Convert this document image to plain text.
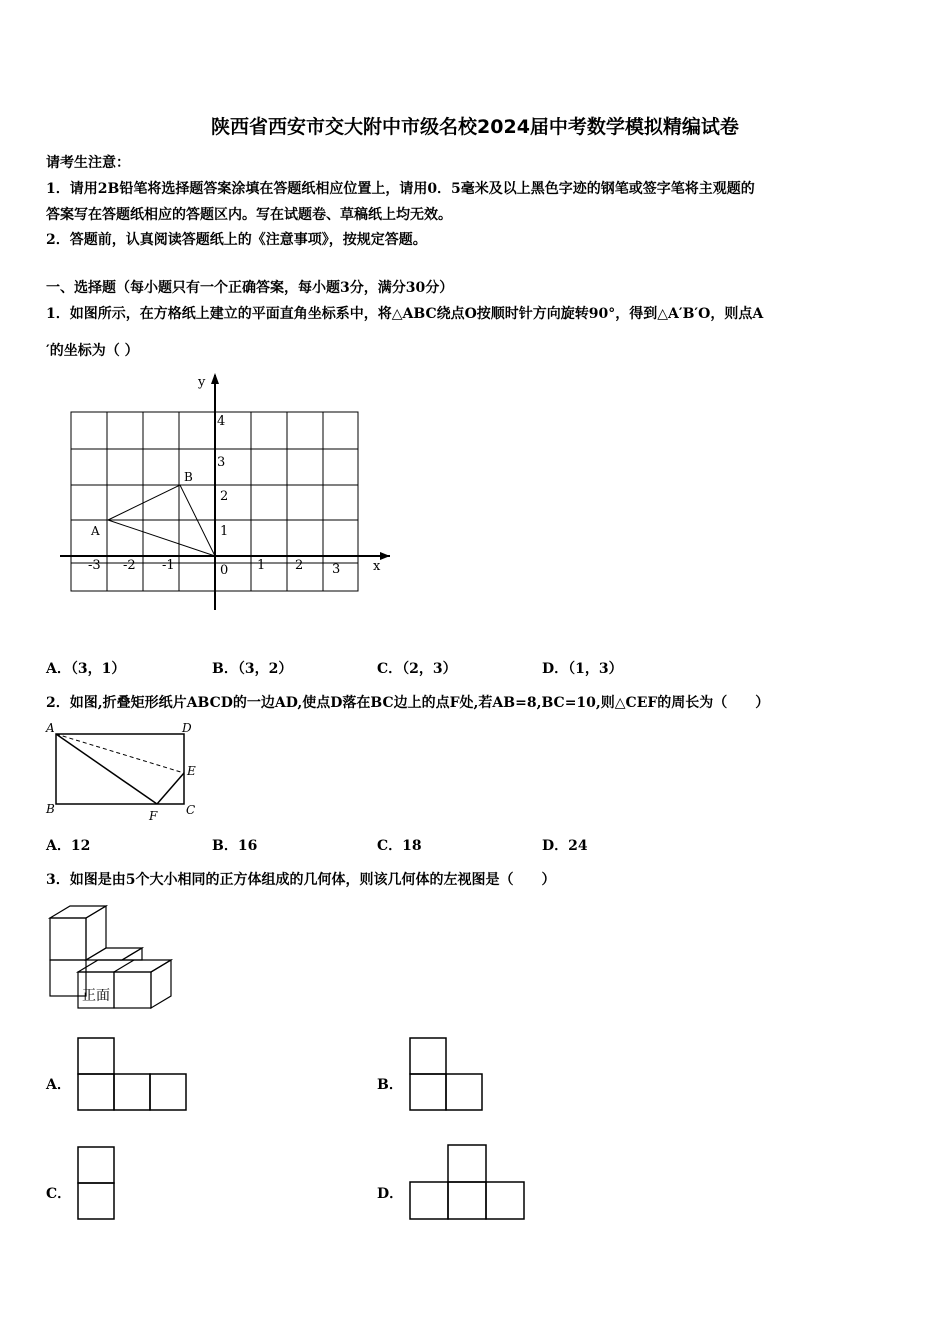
陕西省西安市交大附中市级名校2024届中考数学模拟精编试卷
请考生注意：
1．请用2B铅笔将选择题答案涂填在答题纸相应位置上，请用0．5毫米及以上黑色字迹的钢笔或签字笔将主观题的
答案写在答题纸相应的答题区内。写在试题卷、草稿纸上均无效。
2．答题前，认真阅读答题纸上的《注意事项》，按规定答题。
一、选择题（每小题只有一个正确答案，每小题3分，满分30分）
1．如图所示，在方格纸上建立的平面直角坐标系中，将△ABC绕点O按顺时针方向旋转90°，得到△A′B′O，则点A
′的坐标为（ ）
y
x
0
-3 -2 -1	1 2 3
1
2
3
4
A
B
A．（3，1）	B．（3，2）	C．（2，3）	D．（1，3）
2．如图,折叠矩形纸片ABCD的一边AD,使点D落在BC边上的点F处,若AB=8,BC=10,则△CEF的周长为（　　）
A	D
E
B	C
F
A．12	B．16	C．18	D．24
3．如图是由5个大小相同的正方体组成的几何体，则该几何体的左视图是（　　）
正面
A．	B．
C．	D．
